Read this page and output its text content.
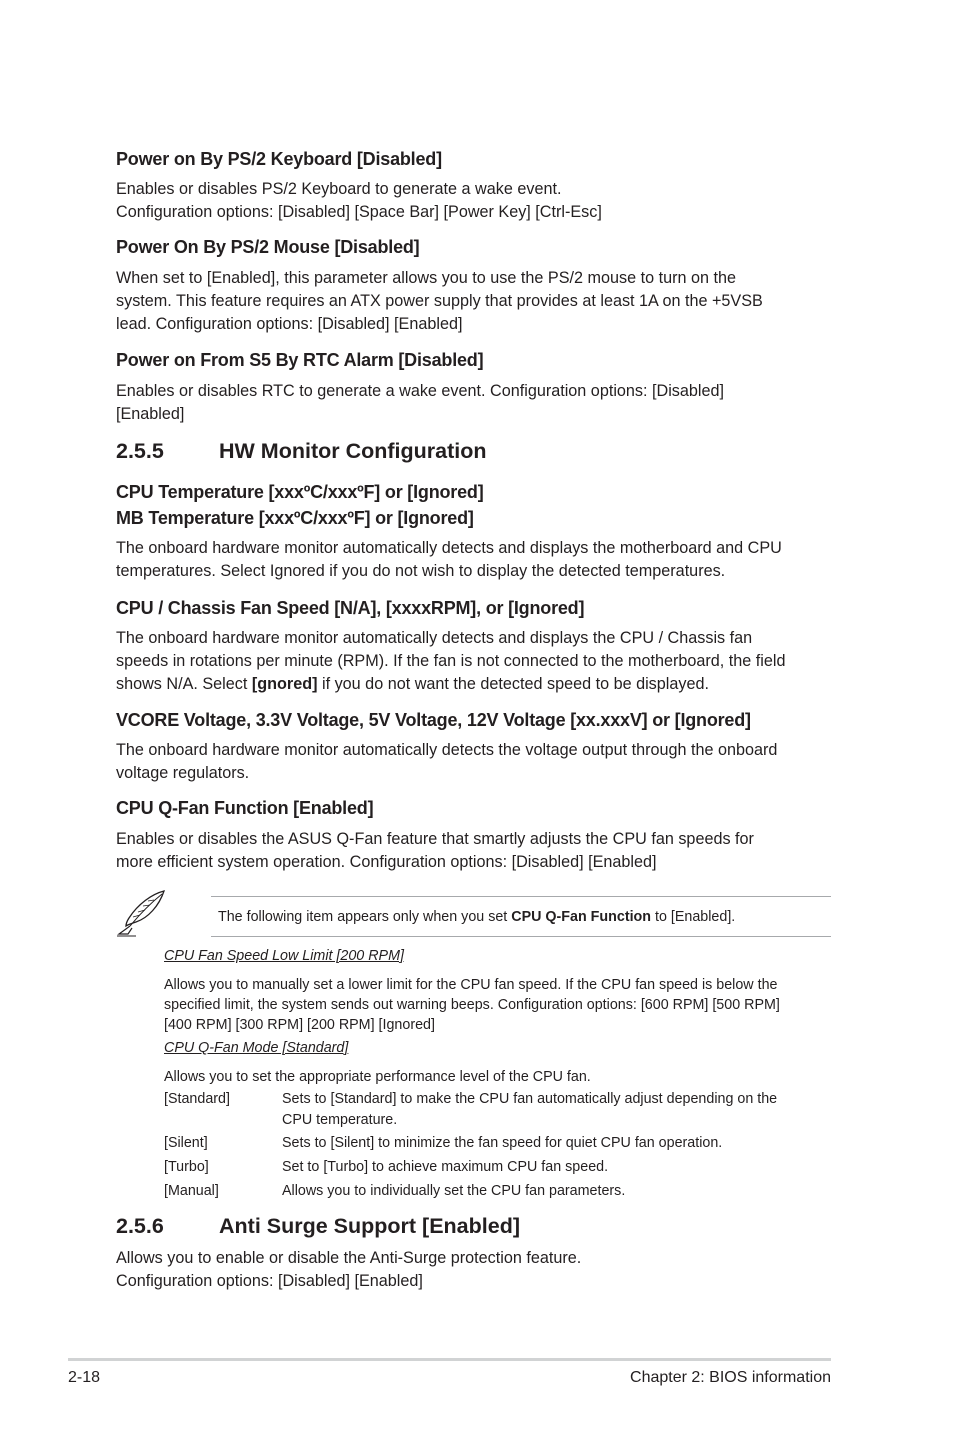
Power on By PS/2 Keyboard [Disabled]
Enables or disables PS/2 Keyboard to generate a wake event.
Configuration options: [Disabled] [Space Bar] [Power Key] [Ctrl-Esc]
Power On By PS/2 Mouse [Disabled]
When set to [Enabled], this parameter allows you to use the PS/2 mouse to turn on the
system. This feature requires an ATX power supply that provides at least 1A on the +5VSB
lead. Configuration options: [Disabled] [Enabled]
Power on From S5 By RTC Alarm [Disabled]
Enables or disables RTC to generate a wake event. Configuration options: [Disabled]
[Enabled]
2.5.5	HW Monitor Configuration
CPU Temperature [xxxºC/xxxºF] or [Ignored]
MB Temperature [xxxºC/xxxºF] or [Ignored]
The onboard hardware monitor automatically detects and displays the motherboard and CPU
temperatures. Select Ignored if you do not wish to display the detected temperatures.
CPU / Chassis Fan Speed [N/A], [xxxxRPM], or [Ignored]
The onboard hardware monitor automatically detects and displays the CPU / Chassis fan
speeds in rotations per minute (RPM). If the fan is not connected to the motherboard, the field
shows N/A. Select [gnored] if you do not want the detected speed to be displayed.
VCORE Voltage, 3.3V Voltage, 5V Voltage, 12V Voltage [xx.xxxV] or [Ignored]
The onboard hardware monitor automatically detects the voltage output through the onboard
voltage regulators.
CPU Q-Fan Function [Enabled]
Enables or disables the ASUS Q-Fan feature that smartly adjusts the CPU fan speeds for
more efficient system operation. Configuration options: [Disabled] [Enabled]
The following item appears only when you set CPU Q-Fan Function to [Enabled].
CPU Fan Speed Low Limit [200 RPM]
Allows you to manually set a lower limit for the CPU fan speed. If the CPU fan speed is below the
specified limit, the system sends out warning beeps. Configuration options: [600 RPM] [500 RPM]
[400 RPM] [300 RPM] [200 RPM] [Ignored]
CPU Q-Fan Mode [Standard]
Allows you to set the appropriate performance level of the CPU fan.
[Standard]	Sets to [Standard] to make the CPU fan automatically adjust depending on the
CPU temperature.
[Silent]	Sets to [Silent] to minimize the fan speed for quiet CPU fan operation.
[Turbo]	Set to [Turbo] to achieve maximum CPU fan speed.
[Manual]	Allows you to individually set the CPU fan parameters.
2.5.6	Anti Surge Support [Enabled]
Allows you to enable or disable the Anti-Surge protection feature.
Configuration options: [Disabled] [Enabled]
2-18	Chapter 2: BIOS information
